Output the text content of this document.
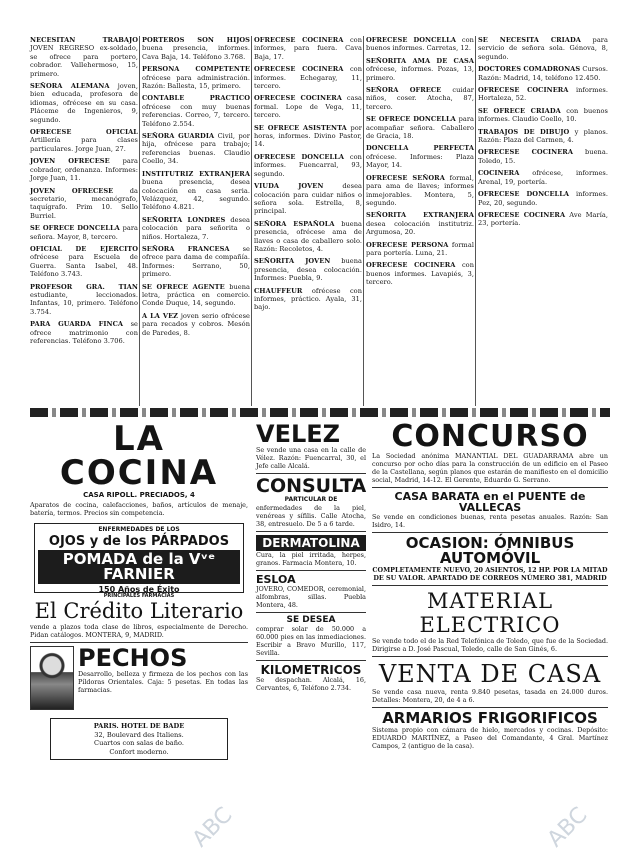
NECESITAN TRABAJO JOVEN REGRESO ex-soldado, se ofrece para portero, cobrador. Vallehermoso, 15, primero.
SEÑORA ALEMANA joven, bien educada, profesora de idiomas, ofrécese en su casa. Pláceme de Ingenieros, 9, segundo.
OFRECESE OFICIAL Artillería para clases particulares. Jorge Juan, 27.
JOVEN OFRECESE para cobrador, ordenanza. Informes: Jorge Juan, 11.
JOVEN OFRECESE da secretario, mecanógrafo, taquígrafo. Prim 10. Sello Burriel.
SE OFRECE DONCELLA para señora. Mayor, 8, tercero.
OFICIAL DE EJERCITO ofrécese para Escuela de Guerra. Santa Isabel, 48. Teléfono 3.743.
PROFESOR GRA. TIAN estudiante, leccionados. Infantas, 10, primero. Teléfono 3.754.
PARA GUARDA FINCA se ofrece matrimonio con referencias. Teléfono 3.706.
PORTEROS SON HIJOS buena presencia, informes. Cava Baja, 14. Teléfono 3.768.
PERSONA COMPETENTE ofrécese para administración. Razón: Ballesta, 15, primero.
CONTABLE PRACTICO ofrécese con muy buenas referencias. Correo, 7, tercero. Teléfono 2.554.
SEÑORA GUARDIA Civil, por hija, ofrécese para trabajo; referencias buenas. Claudio Coello, 34.
INSTITUTRIZ EXTRANJERA buena presencia, desea colocación en casa seria. Velázquez, 42, segundo. Teléfono 4.821.
SEÑORITA LONDRES desea colocación para señorita o niños. Hortaleza, 7.
SEÑORA FRANCESA se ofrece para dama de compañía. Informes: Serrano, 50, primero.
SE OFRECE AGENTE buena letra, práctica en comercio. Conde Duque, 14, segundo.
A LA VEZ joven serio ofrécese para recados y cobros. Mesón de Paredes, 8.
OFRECESE COCINERA con informes, para fuera. Cava Baja, 17.
OFRECESE COCINERA con informes. Echegaray, 11, tercero.
OFRECESE COCINERA casa formal. Lope de Vega, 11, tercero.
SE OFRECE ASISTENTA por horas, informes. Divino Pastor, 14.
OFRECESE DONCELLA con informes. Fuencarral, 93, segundo.
VIUDA JOVEN	desea colocación para cuidar niños o señora sola. Estrella, 8, principal.
SEÑORA ESPAÑOLA buena presencia, ofrécese ama de llaves o casa de caballero solo. Razón: Recoletos, 4.
SEÑORITA JOVEN buena presencia, desea colocación. Informes: Puebla, 9.
CHAUFFEUR ofrécese con informes, práctico. Ayala, 31, bajo.
OFRECESE DONCELLA con buenos informes. Carretas, 12.
SEÑORITA AMA DE CASA ofrécese, informes. Pozas, 13, primero.
SEÑORA OFRECE cuidar niños, coser. Atocha, 87, tercero.
SE OFRECE DONCELLA para acompañar señora. Caballero de Gracia, 18.
DONCELLA PERFECTA ofrécese. Informes: Plaza Mayor, 14.
OFRECESE SEÑORA formal, para ama de llaves; informes inmejorables. Montera, 5, segundo.
SEÑORITA EXTRANJERA desea colocación institutriz. Argumosa, 20.
OFRECESE PERSONA formal para portería. Luna, 21.
OFRECESE COCINERA con buenos informes. Lavapiés, 3, tercero.
SE NECESITA CRIADA para servicio de señora sola. Génova, 8, segundo.
DOCTORES COMADRONAS Cursos. Razón: Madrid, 14, teléfono 12.450.
OFRECESE COCINERA informes. Hortaleza, 52.
SE OFRECE CRIADA con buenos informes. Claudio Coello, 10.
TRABAJOS DE DIBUJO y planos. Razón: Plaza del Carmen, 4.
OFRECESE COCINERA buena. Toledo, 15.
COCINERA ofrécese, informes. Arenal, 19, portería.
OFRECESE DONCELLA informes. Pez, 20, segundo.
OFRECESE COCINERA Ave María, 23, portería.
LA COCINA
CASA RIPOLL. PRECIADOS, 4
Aparatos de cocina, calefacciones, baños, artículos de menaje, batería, termos. Precios sin competencia.
ENFERMEDADES DE LOS
OJOS y de los PÁRPADOS
POMADA de la Vᵛᵉ FARNIER
150 Años de Éxito
PRINCIPALES FARMACIAS
El Crédito Literario
vende a plazos toda clase de libros, especialmente de Derecho. Pidan catálogos. MONTERA, 9, MADRID.
PECHOS
Desarrollo, belleza y firmeza de los pechos con las Píldoras Orientales. Caja: 5 pesetas. En todas las farmacias.
PARIS. HOTEL DE BADE
32, Boulevard des Italiens.
Cuartos con salas de baño.
Confort moderno.
VELEZ
Se vende una casa en la calle de Vélez. Razón: Fuencarral, 30, el Jefe calle Alcalá.
CONSULTA
PARTICULAR DE
enfermedades de la piel, venéreas y sífilis. Calle Atocha, 38, entresuelo. De 5 a 6 tarde.
DERMATOLINA
Cura, la piel irritada, herpes, granos. Farmacia Montera, 10.
ESLOA
JOVERO, COMEDOR, ceremonial, alfombras, sillas. Puebla Montera, 48.
SE DESEA
comprar solar de 50.000 a 60.000 pies en las inmediaciones. Escribir a Bravo Murillo, 117, Sevilla.
KILOMETRICOS
Se despachan. Alcalá, 16, Cervantes, 6, Teléfono 2.734.
CONCURSO
La Sociedad anónima MANANTIAL DEL GUADARRAMA abre un concurso por ocho días para la construcción de un edificio en el Paseo de la Castellana, según planos que estarán de manifiesto en el domicilio social, Madrid, 14-12. El Gerente, Eduardo G. Serrano.
CASA BARATA en el PUENTE de VALLECAS
Se vende en condiciones buenas, renta pesetas anuales. Razón: San Isidro, 14.
OCASION: ÓMNIBUS AUTOMÓVIL
COMPLETAMENTE NUEVO, 20 ASIENTOS, 12 HP. POR LA MITAD DE SU VALOR. APARTADO DE CORREOS NÚMERO 381, MADRID
MATERIAL ELECTRICO
Se vende todo el de la Red Telefónica de Toledo, que fue de la Sociedad. Dirigirse a D. José Pascual, Toledo, calle de San Ginés, 6.
VENTA DE CASA
Se vende casa nueva, renta 9.840 pesetas, tasada en 24.000 duros. Detalles: Montera, 20, de 4 a 6.
ARMARIOS FRIGORIFICOS
Sistema propio con cámara de hielo, mercados y cocinas. Depósito: EDUARDO MARTÍNEZ, a Paseo del Comandante, 4 Gral. Martínez Campos, 2 (antiguo de la casa).
ABC	ABC
